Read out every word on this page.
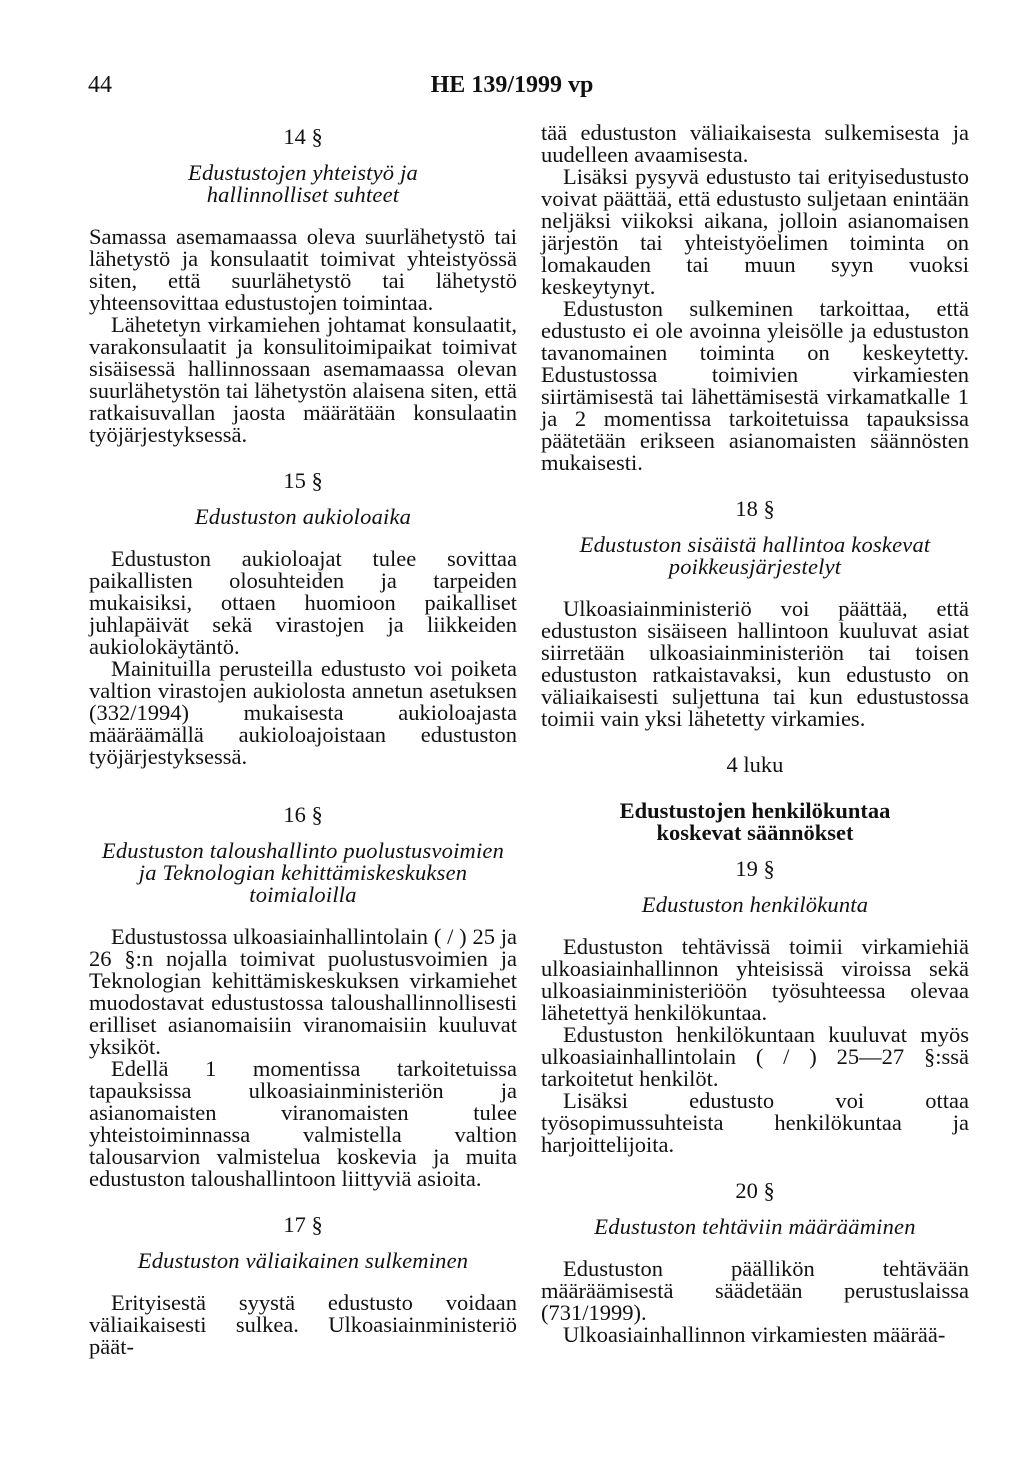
44	HE 139/1999 vp
14 §
Edustustojen yhteistyö ja hallinnolliset suhteet

Samassa asemamaassa oleva suurlähetystö tai lähetystö ja konsulaatit toimivat yhteistyössä siten, että suurlähetystö tai lähetystö yhteensovittaa edustustojen toimintaa.

Lähetetyn virkamiehen johtamat konsulaatit, varakonsulaatit ja konsulitoimipaikat toimivat sisäisessä hallinnossaan asemamaassa olevan suurlähetystön tai lähetystön alaisena siten, että ratkaisuvallan jaosta määrätään konsulaatin työjärjestyksessä.

15 §
Edustuston aukioloaika

Edustuston aukioloajat tulee sovittaa paikallisten olosuhteiden ja tarpeiden mukaisiksi, ottaen huomioon paikalliset juhlapäivät sekä virastojen ja liikkeiden aukiolokäytäntö.

Mainituilla perusteilla edustusto voi poiketa valtion virastojen aukiolosta annetun asetuksen (332/1994) mukaisesta aukioloajasta määräämällä aukioloajoistaan edustuston työjärjestyksessä.

16 §
Edustuston taloushallinto puolustusvoimien ja Teknologian kehittämiskeskuksen toimialoilla

Edustustossa ulkoasiainhallintolain ( / ) 25 ja 26 §:n nojalla toimivat puolustusvoimien ja Teknologian kehittämiskeskuksen virkamiehet muodostavat edustustossa taloushallinnollisesti erilliset asianomaisiin viranomaisiin kuuluvat yksiköt.

Edellä 1 momentissa tarkoitetuissa tapauksissa ulkoasiainministeriön ja asianomaisten viranomaisten tulee yhteistoiminnassa valmistella valtion talousarvion valmistelua koskevia ja muita edustuston taloushallintoon liittyviä asioita.

17 §
Edustuston väliaikainen sulkeminen

Erityisestä syystä edustusto voidaan väliaikaisesti sulkea. Ulkoasiainministeriö päät-

tää edustuston väliaikaisesta sulkemisesta ja uudelleen avaamisesta.

Lisäksi pysyvä edustusto tai erityisedustusto voivat päättää, että edustusto suljetaan enintään neljäksi viikoksi aikana, jolloin asianomaisen järjestön tai yhteistyöelimen toiminta on lomakauden tai muun syyn vuoksi keskeytynyt.

Edustuston sulkeminen tarkoittaa, että edustusto ei ole avoinna yleisölle ja edustuston tavanomainen toiminta on keskeytetty. Edustustossa toimivien virkamiesten siirtämisestä tai lähettämisestä virkamatkalle 1 ja 2 momentissa tarkoitetuissa tapauksissa päätetään erikseen asianomaisten säännösten mukaisesti.

18 §
Edustuston sisäistä hallintoa koskevat poikkeusjärjestelyt

Ulkoasiainministeriö voi päättää, että edustuston sisäiseen hallintoon kuuluvat asiat siirretään ulkoasiainministeriön tai toisen edustuston ratkaistavaksi, kun edustusto on väliaikaisesti suljettuna tai kun edustustossa toimii vain yksi lähetetty virkamies.

4 luku
Edustustojen henkilökuntaa koskevat säännökset
19 §
Edustuston henkilökunta

Edustuston tehtävissä toimii virkamiehiä ulkoasiainhallinnon yhteisissä viroissa sekä ulkoasiainministeriöön työsuhteessa olevaa lähetettyä henkilökuntaa.

Edustuston henkilökuntaan kuuluvat myös ulkoasiainhallintolain ( / ) 25—27 §:ssä tarkoitetut henkilöt.

Lisäksi edustusto voi ottaa työsopimussuhteista henkilökuntaa ja harjoittelijoita.

20 §
Edustuston tehtäviin määrääminen

Edustuston päällikön tehtävään määräämisestä säädetään perustuslaissa (731/1999).

Ulkoasiainhallinnon virkamiesten määrää-
